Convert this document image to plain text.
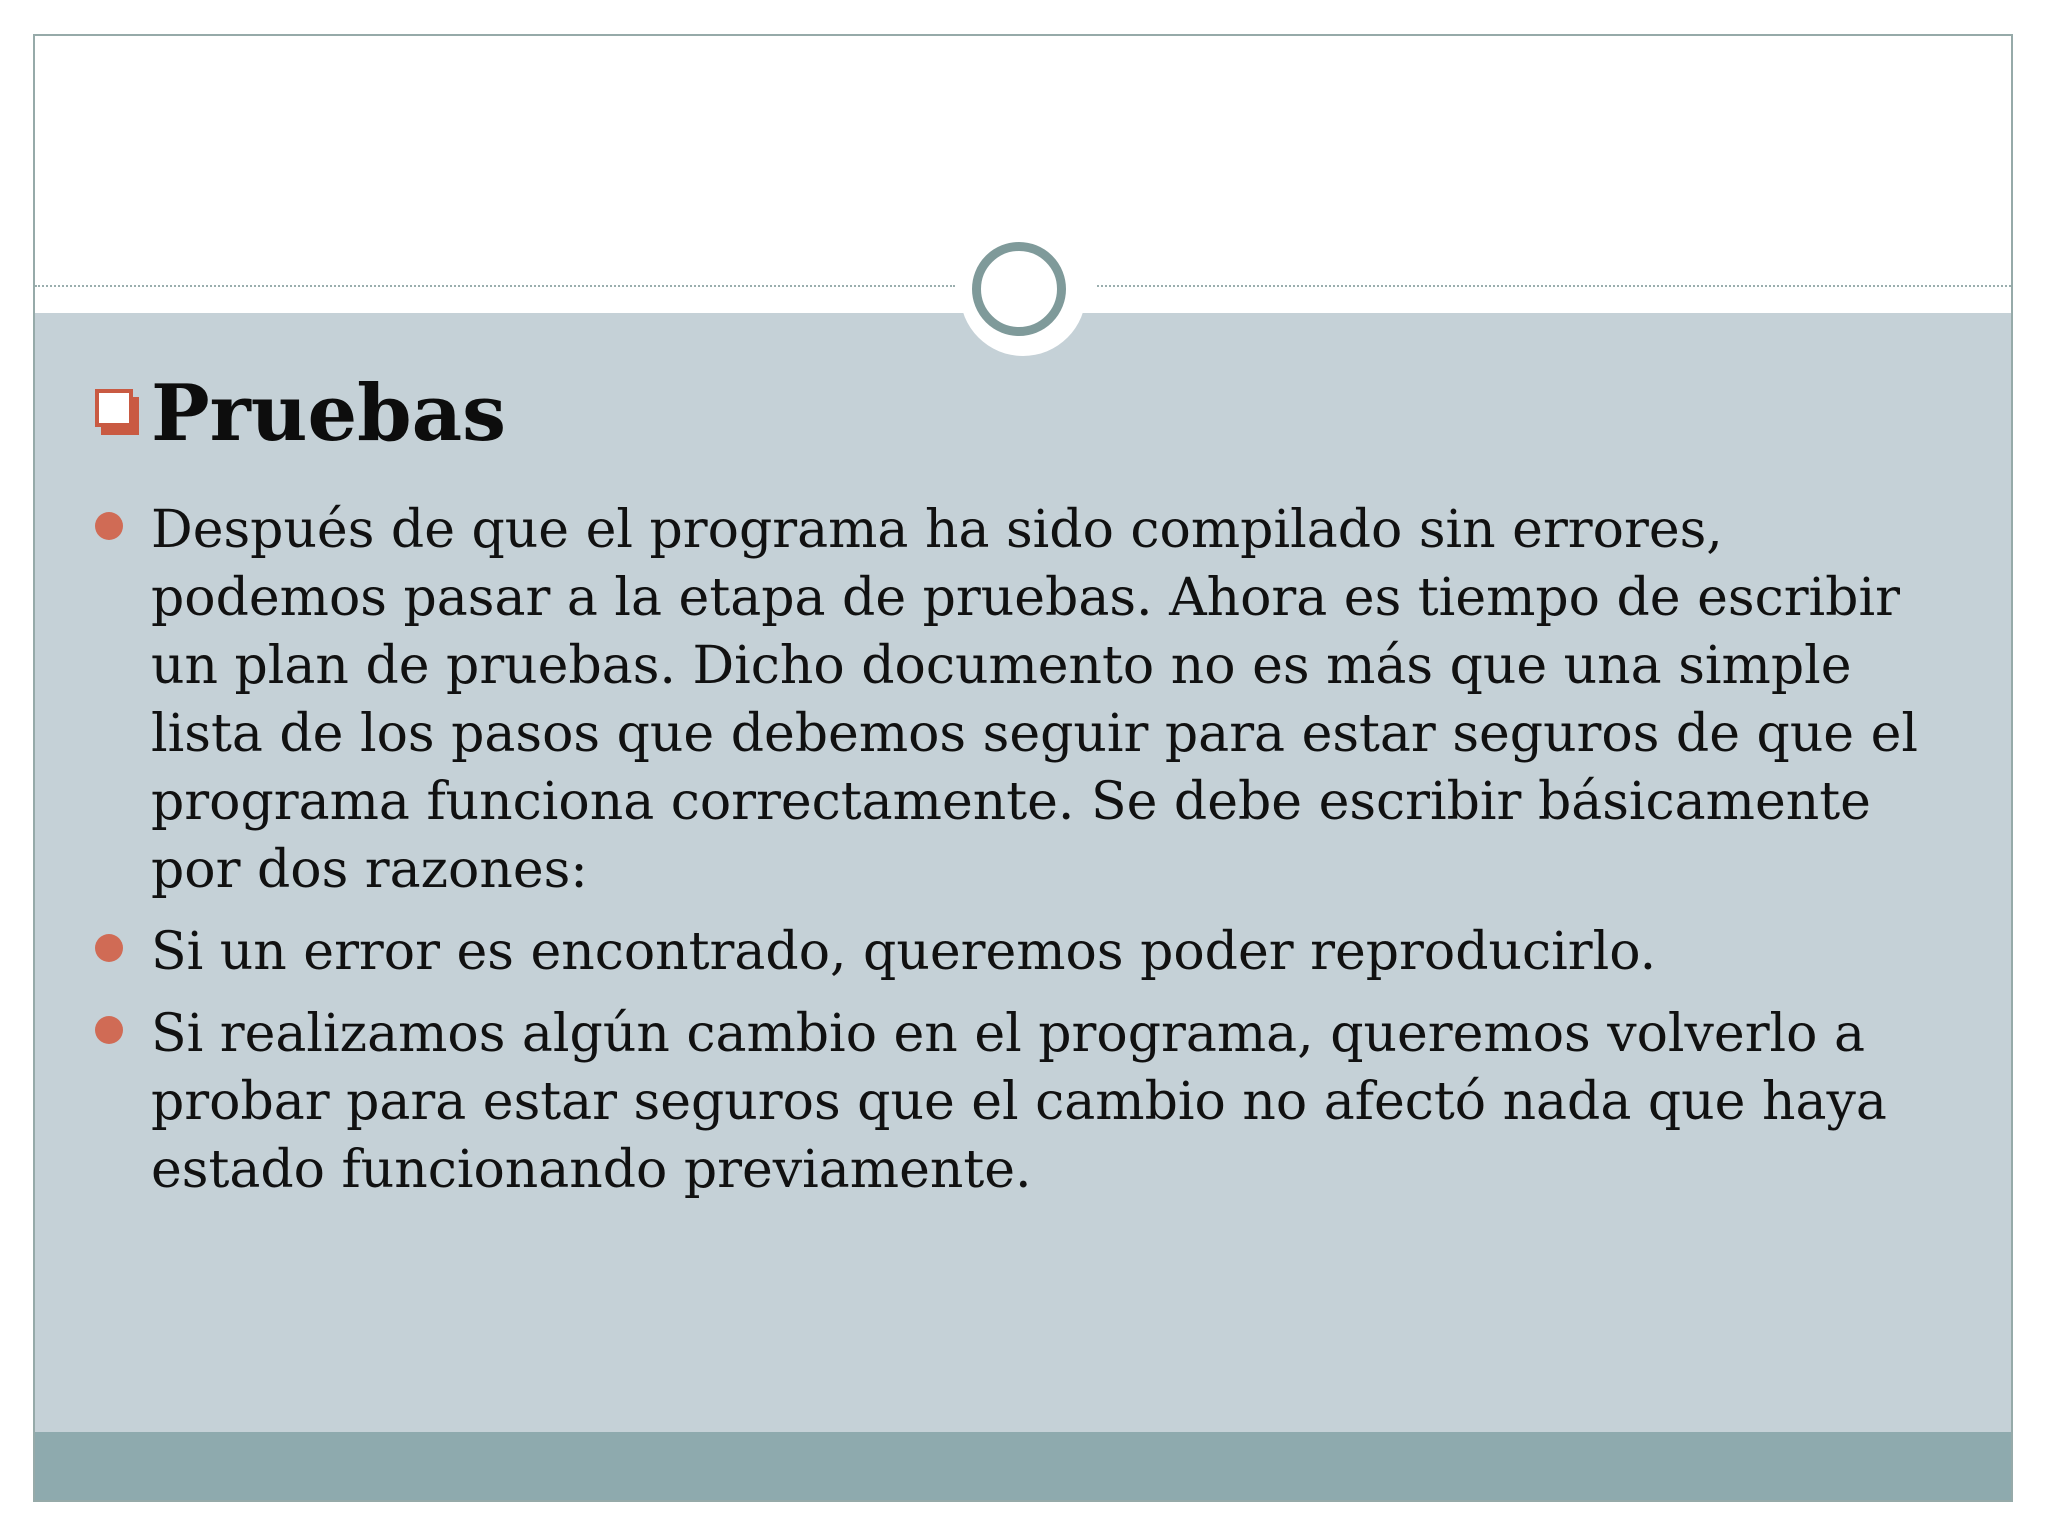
Pruebas
Después de que el programa ha sido compilado sin errores, podemos pasar a la etapa de pruebas. Ahora es tiempo de escribir un plan de pruebas. Dicho documento no es más que una simple lista de los pasos que debemos seguir para estar seguros de que el programa funciona correctamente. Se debe escribir básicamente por dos razones:
Si un error es encontrado, queremos poder reproducirlo.
Si realizamos algún cambio en el programa, queremos volverlo a probar para estar seguros que el cambio no afectó nada que haya estado funcionando previamente.
